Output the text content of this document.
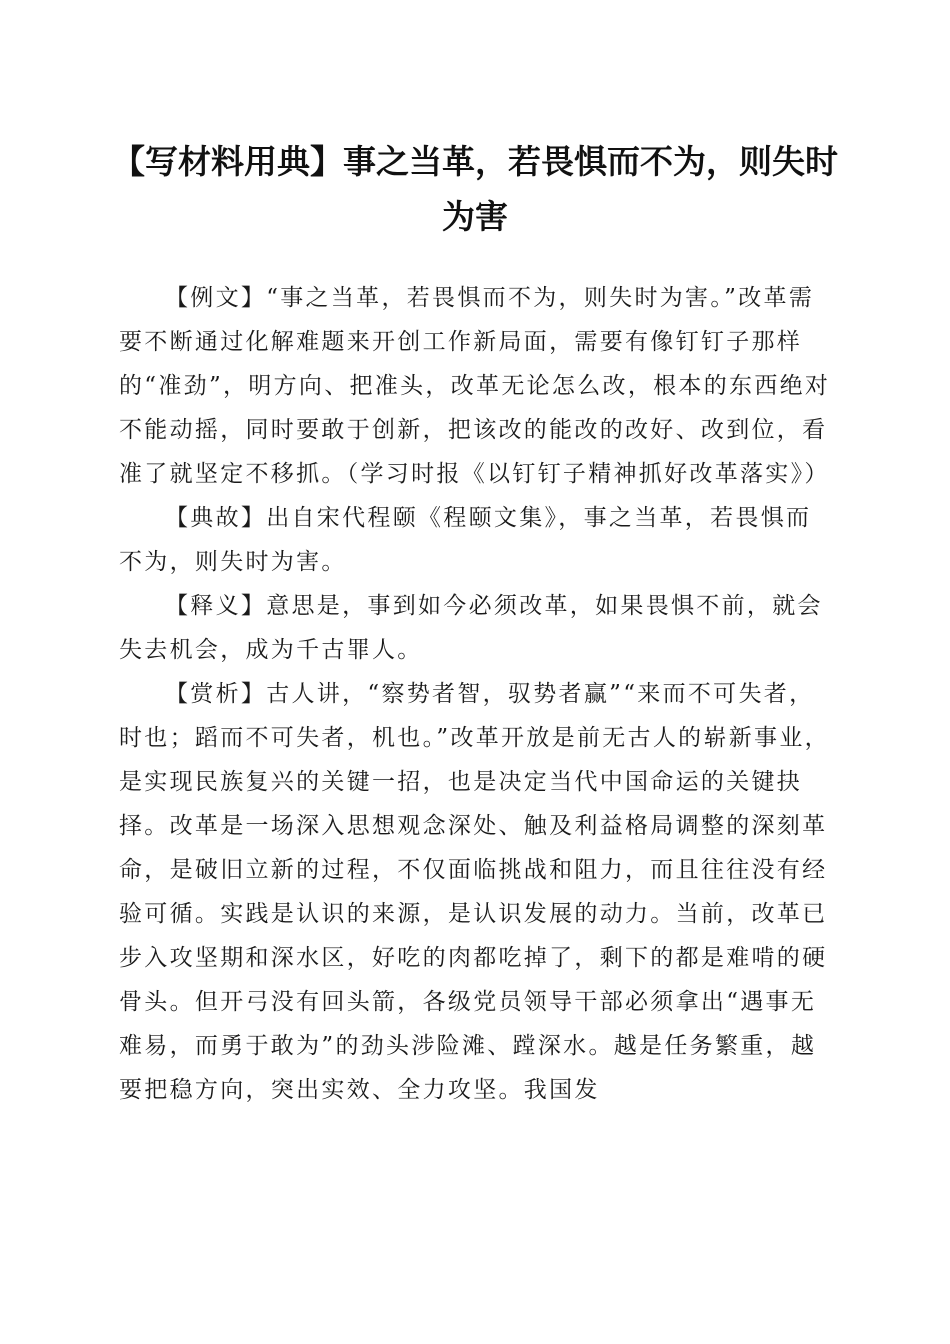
【写材料用典】事之当革，若畏惧而不为，则失时为害

【例文】“事之当革，若畏惧而不为，则失时为害。”改革需要不断通过化解难题来开创工作新局面，需要有像钉钉子那样的“准劲”，明方向、把准头，改革无论怎么改，根本的东西绝对不能动摇，同时要敢于创新，把该改的能改的改好、改到位，看准了就坚定不移抓。（学习时报《以钉钉子精神抓好改革落实》）

【典故】出自宋代程颐《程颐文集》，事之当革，若畏惧而不为，则失时为害。

【释义】意思是，事到如今必须改革，如果畏惧不前，就会失去机会，成为千古罪人。

【赏析】古人讲，“察势者智，驭势者赢”“来而不可失者，时也；蹈而不可失者，机也。”改革开放是前无古人的崭新事业，是实现民族复兴的关键一招，也是决定当代中国命运的关键抉择。改革是一场深入思想观念深处、触及利益格局调整的深刻革命，是破旧立新的过程，不仅面临挑战和阻力，而且往往没有经验可循。实践是认识的来源，是认识发展的动力。当前，改革已步入攻坚期和深水区，好吃的肉都吃掉了，剩下的都是难啃的硬骨头。但开弓没有回头箭，各级党员领导干部必须拿出“遇事无难易，而勇于敢为”的劲头涉险滩、蹚深水。越是任务繁重，越要把稳方向，突出实效、全力攻坚。我国发
